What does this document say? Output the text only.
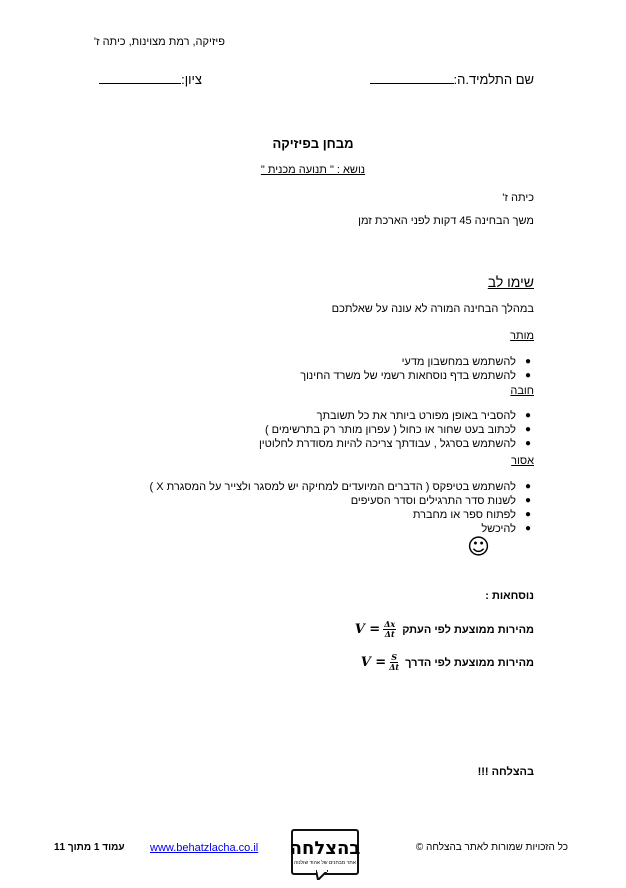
פיזיקה, רמת מצוינות, כיתה ז'
שם התלמיד.ה:
ציון:
מבחן בפיזיקה
נושא : " תנועה מכנית "
כיתה ז'
משך הבחינה 45 דקות לפני הארכת זמן
שימו לב
במהלך הבחינה המורה לא עונה על שאלתכם
מותר
●
להשתמש במחשבון מדעי
●
להשתמש בדף נוסחאות רשמי של משרד החינוך
חובה
●
להסביר באופן מפורט ביותר את כל תשובתך
●
לכתוב בעט שחור או כחול ( עפרון מותר רק בתרשימים )
●
להשתמש בסרגל , עבודתך צריכה להיות מסודרת לחלוטין
אסור
●
להשתמש בטיפקס ( הדברים המיועדים למחיקה יש למסגר ולצייר על המסגרת X )
●
לשנות סדר התרגילים וסדר הסעיפים
●
לפתוח ספר או מחברת
●
להיכשל
☺
נוסחאות :
מהירות ממוצעת לפי העתק
$V = \frac{\Delta x}{\Delta t}$
מהירות ממוצעת לפי הדרך
$V = \frac{S}{\Delta t}$
בהצלחה !!!
עמוד 1 מתוך 11 www.behatzlacha.co.il בהצלחה
אתר מבחנים של אהוד שולנוה
כל הזכויות שמורות לאתר בהצלחה ©
